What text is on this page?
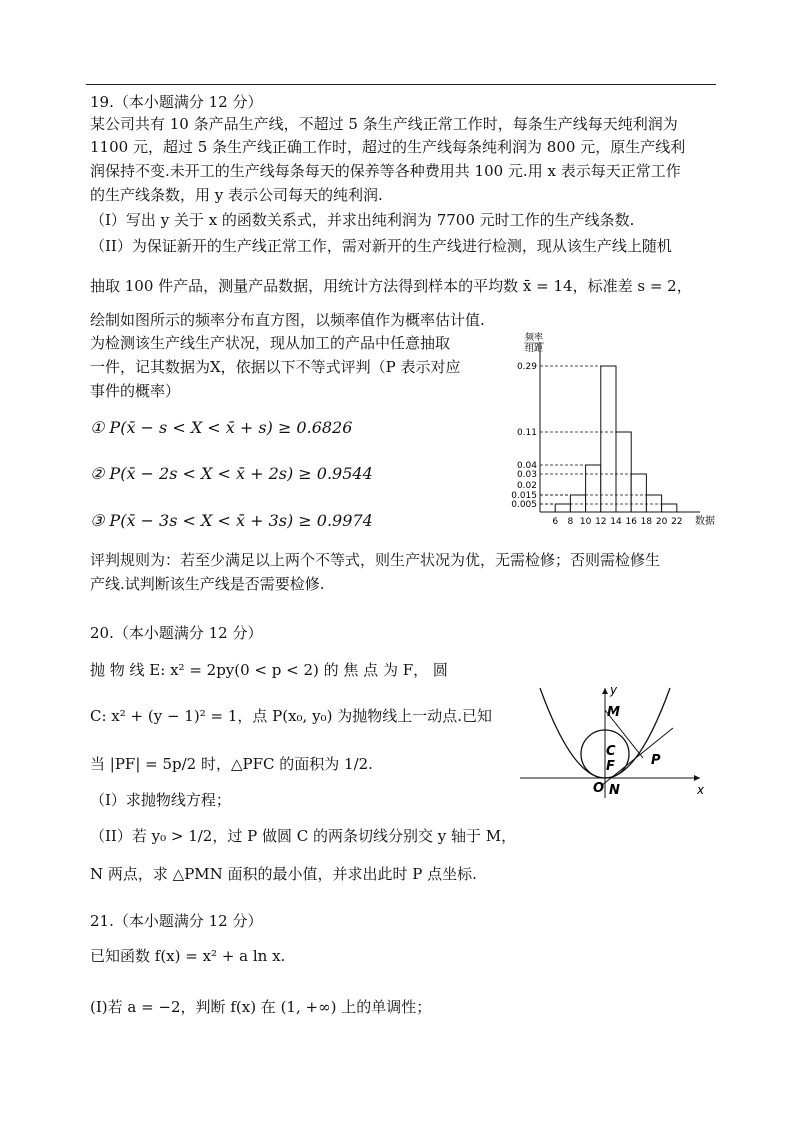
19.（本小题满分 12 分）
某公司共有 10 条产品生产线，不超过 5 条生产线正常工作时，每条生产线每天纯利润为
1100 元，超过 5 条生产线正确工作时，超过的生产线每条纯利润为 800 元，原生产线利
润保持不变.未开工的生产线每条每天的保养等各种费用共 100 元.用 x 表示每天正常工作
的生产线条数，用 y 表示公司每天的纯利润.
（I）写出 y 关于 x 的函数关系式，并求出纯利润为 7700 元时工作的生产线条数.
（II）为保证新开的生产线正常工作，需对新开的生产线进行检测，现从该生产线上随机
抽取 100 件产品，测量产品数据，用统计方法得到样本的平均数 x̄ = 14，标准差 s = 2，
绘制如图所示的频率分布直方图，以频率值作为概率估计值.
为检测该生产线生产状况，现从加工的产品中任意抽取
一件，记其数据为X，依据以下不等式评判（P 表示对应
事件的概率）
① P(x̄ − s < X < x̄ + s) ≥ 0.6826
② P(x̄ − 2s < X < x̄ + 2s) ≥ 0.9544
③ P(x̄ − 3s < X < x̄ + 3s) ≥ 0.9974
评判规则为：若至少满足以上两个不等式，则生产状况为优，无需检修；否则需检修生
产线.试判断该生产线是否需要检修.
0.29
0.11
0.04
0.03
0.02
0.015
0.005
6 8 10 12 14 16 18 20 22
频率
组距
数据
20.（本小题满分 12 分）
抛 物 线 E: x² = 2py(0 < p < 2) 的 焦 点 为 F， 圆
C: x² + (y − 1)² = 1，点 P(x₀, y₀) 为抛物线上一动点.已知
当 |PF| = 5p/2 时，△PFC 的面积为 1/2.
（I）求抛物线方程；
（II）若 y₀ > 1/2，过 P 做圆 C 的两条切线分别交 y 轴于 M，
N 两点，求 △PMN 面积的最小值，并求出此时 P 点坐标.
y
x
M
C
F	P
O N
21.（本小题满分 12 分）
已知函数 f(x) = x² + a ln x.
(I)若 a = −2，判断 f(x) 在 (1, +∞) 上的单调性；
